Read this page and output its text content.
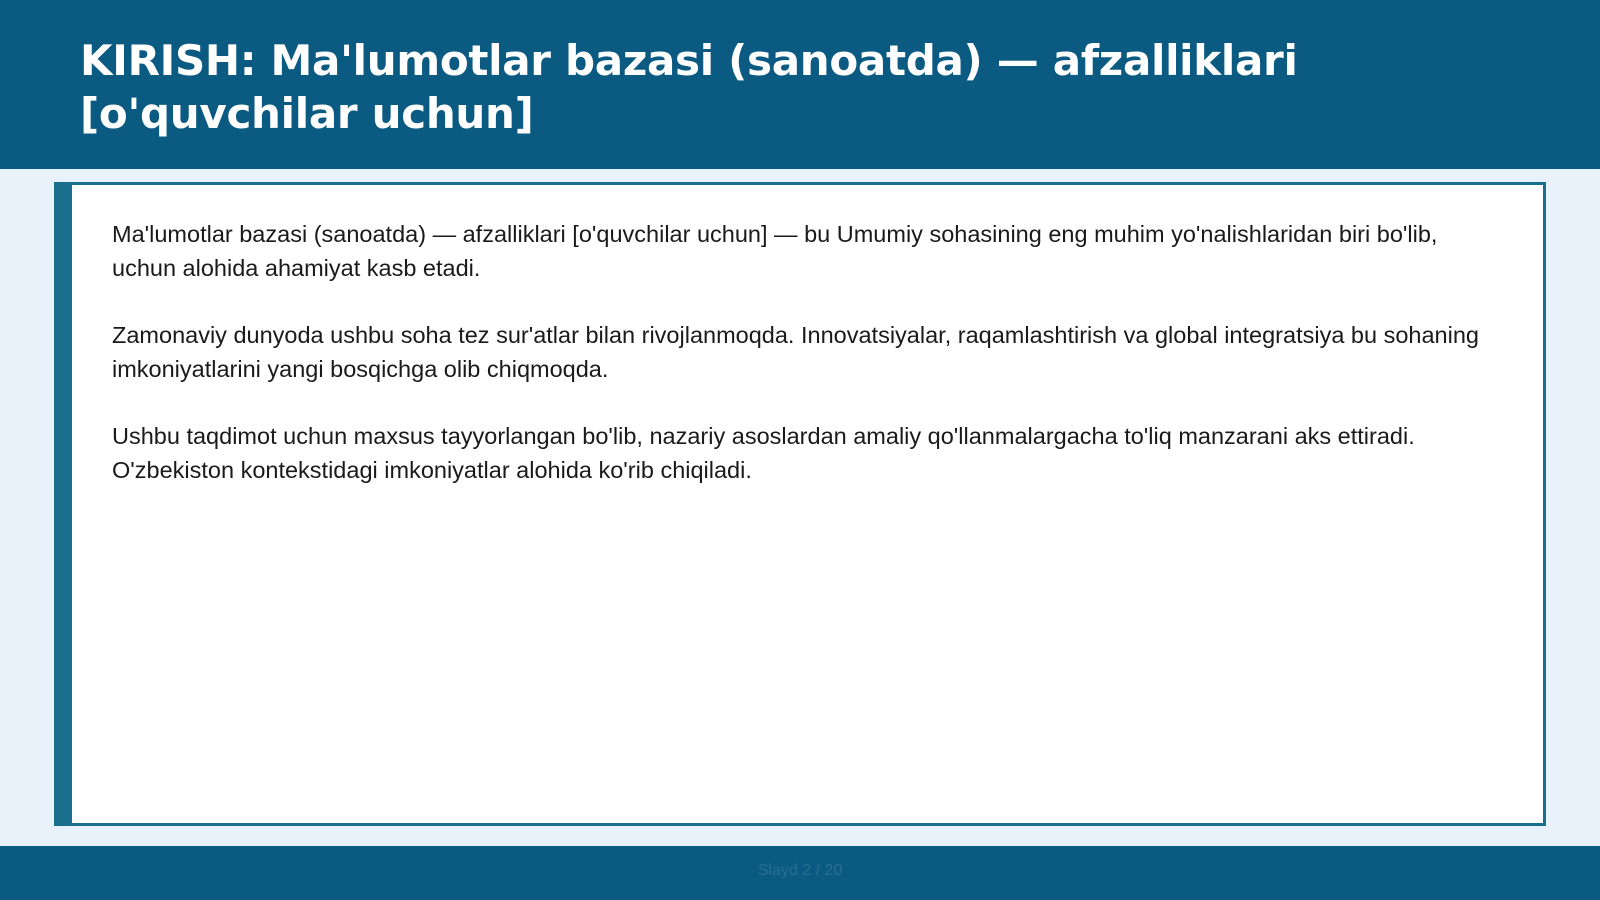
KIRISH: Ma'lumotlar bazasi (sanoatda) — afzalliklari [o'quvchilar uchun]

Ma'lumotlar bazasi (sanoatda) — afzalliklari [o'quvchilar uchun] — bu Umumiy sohasining eng muhim yo'nalishlaridan biri bo'lib, uchun alohida ahamiyat kasb etadi.

Zamonaviy dunyoda ushbu soha tez sur'atlar bilan rivojlanmoqda. Innovatsiyalar, raqamlashtirish va global integratsiya bu sohaning imkoniyatlarini yangi bosqichga olib chiqmoqda.

Ushbu taqdimot uchun maxsus tayyorlangan bo'lib, nazariy asoslardan amaliy qo'llanmalargacha to'liq manzarani aks ettiradi. O'zbekiston kontekstidagi imkoniyatlar alohida ko'rib chiqiladi.

Slayd 2 / 20
